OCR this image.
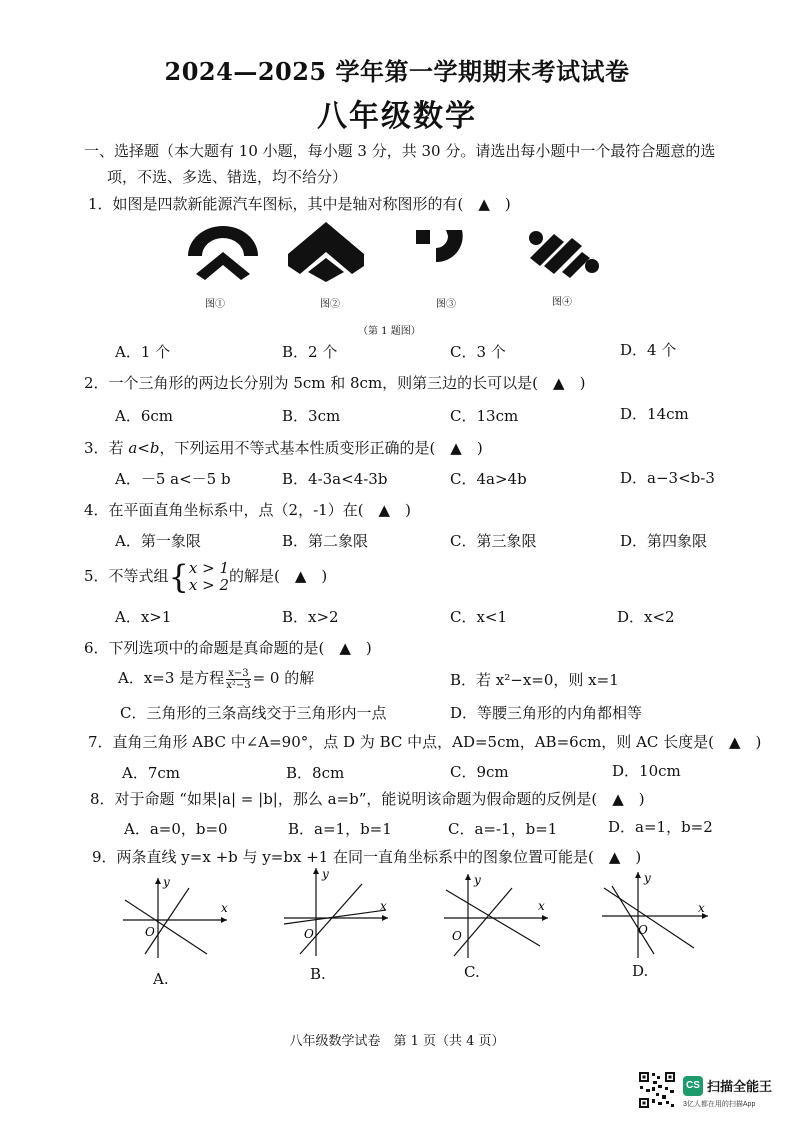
2024—2025 学年第一学期期末考试试卷
八年级数学
一、选择题（本大题有 10 小题，每小题 3 分，共 30 分。请选出每小题中一个最符合题意的选
项，不选、多选、错选，均不给分）
1．如图是四款新能源汽车图标，其中是轴对称图形的有(　▲　)
图①	图②	图③	图④
（第 1 题图）
A．1 个	B．2 个	C．3 个	D．4 个
2．一个三角形的两边长分别为 5cm 和 8cm，则第三边的长可以是(　▲　)
A．6cm	B．3cm	C．13cm	D．14cm
3．若 a<b，下列运用不等式基本性质变形正确的是(　▲　)
A．－5 a<－5 b	B．4-3a<4-3b	C．4a>4b	D．a−3<b-3
4．在平面直角坐标系中，点（2，-1）在(　▲　)
A．第一象限	B．第二象限	C．第三象限	D．第四象限
5．不等式组 { x > 1
x > 2 的解是(　▲　)
A．x>1	B．x>2	C．x<1	D．x<2
6．下列选项中的命题是真命题的是(　▲　)
A．x=3 是方程 $\frac{x-3}{\text{x²−3}} = 0$ 的解	B．若 x²−x=0，则 x=1
C．三角形的三条高线交于三角形内一点	D．等腰三角形的内角都相等
7．直角三角形 ABC 中∠A=90°，点 D 为 BC 中点，AD=5cm，AB=6cm，则 AC 长度是(　▲　)
A．7cm	B．8cm	C．9cm	D．10cm
8．对于命题 “如果|a| = |b|，那么 a=b”，能说明该命题为假命题的反例是(　▲　)
A．a=0，b=0	B．a=1，b=1	C．a=-1，b=1	D．a=1，b=2
9．两条直线 y=x +b 与 y=bx +1 在同一直角坐标系中的图象位置可能是(　▲　)
y
x
O
A.
y
x
O
B.
y
x
O
C.
y
x
O
D.
八年级数学试卷　第 1 页（共 4 页）
CS 扫描全能王
3亿人都在用的扫描App
